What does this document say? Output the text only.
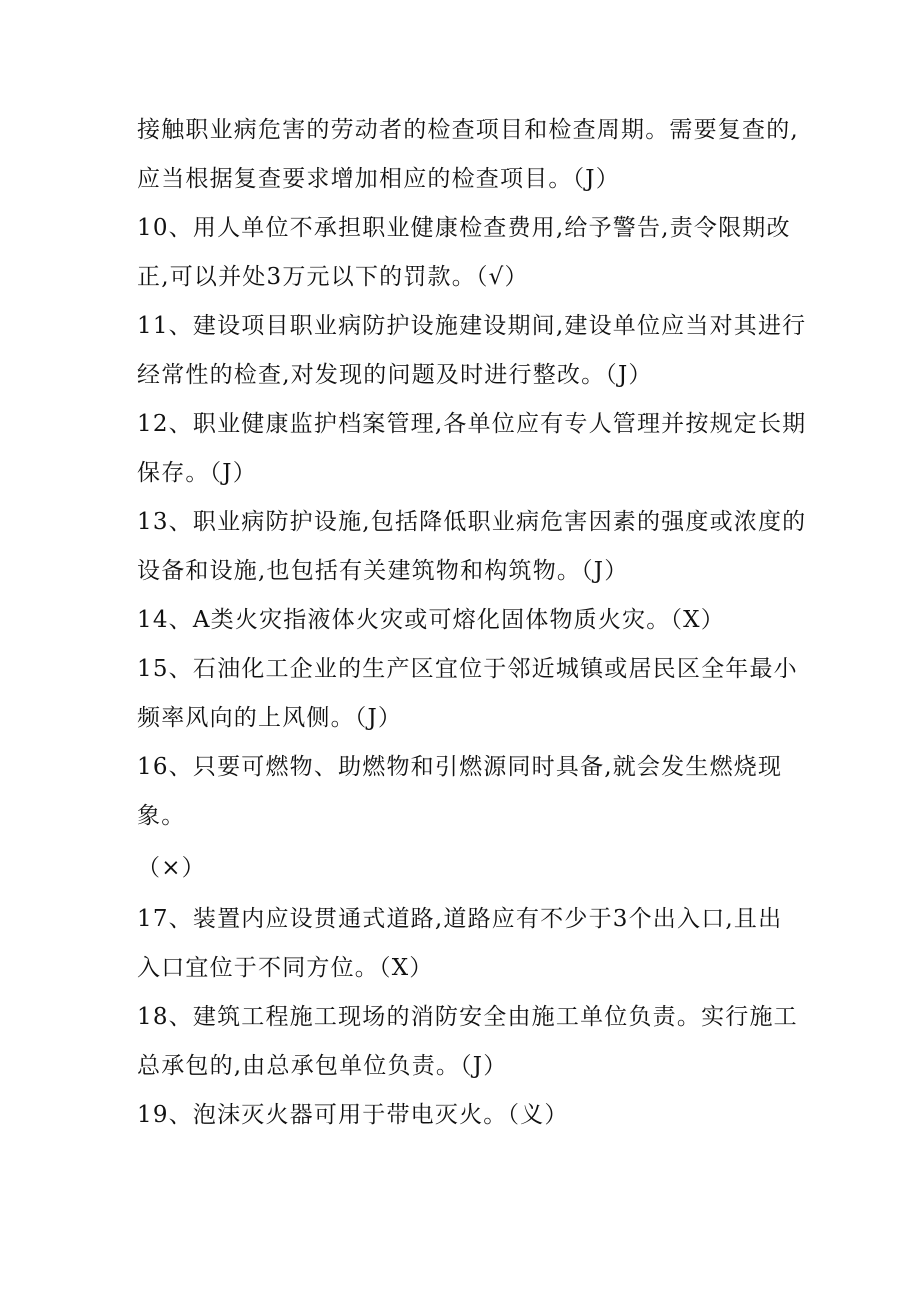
接触职业病危害的劳动者的检查项目和检查周期。需要复查的,
应当根据复查要求增加相应的检查项目。（J）
10、用人单位不承担职业健康检查费用,给予警告,责令限期改
正,可以并处3万元以下的罚款。（√）
11、建设项目职业病防护设施建设期间,建设单位应当对其进行
经常性的检查,对发现的问题及时进行整改。（J）
12、职业健康监护档案管理,各单位应有专人管理并按规定长期
保存。（J）
13、职业病防护设施,包括降低职业病危害因素的强度或浓度的
设备和设施,也包括有关建筑物和构筑物。（J）
14、A类火灾指液体火灾或可熔化固体物质火灾。（X）
15、石油化工企业的生产区宜位于邻近城镇或居民区全年最小
频率风向的上风侧。（J）
16、只要可燃物、助燃物和引燃源同时具备,就会发生燃烧现
象。
（×）
17、装置内应设贯通式道路,道路应有不少于3个出入口,且出
入口宜位于不同方位。（X）
18、建筑工程施工现场的消防安全由施工单位负责。实行施工
总承包的,由总承包单位负责。（J）
19、泡沫灭火器可用于带电灭火。（义）
